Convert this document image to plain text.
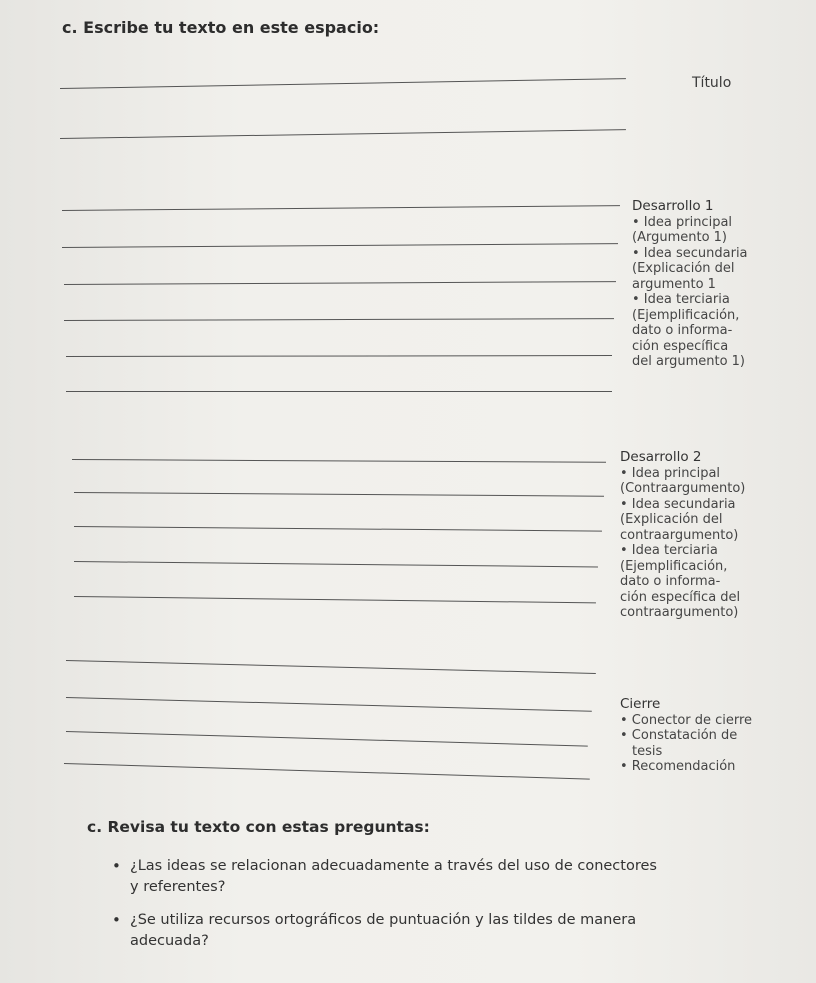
c. Escribe tu texto en este espacio:
Título
Desarrollo 1
• Idea principal
(Argumento 1)
• Idea secundaria
(Explicación del
argumento 1
• Idea terciaria
(Ejemplificación,
dato o informa-
ción específica
del argumento 1)
Desarrollo 2
• Idea principal
(Contraargumento)
• Idea secundaria
(Explicación del
contraargumento)
• Idea terciaria
(Ejemplificación,
dato o informa-
ción específica del
contraargumento)
Cierre
• Conector de cierre
• Constatación de
tesis
• Recomendación
c. Revisa tu texto con estas preguntas:
• ¿Las ideas se relacionan adecuadamente a través del uso de conectores y referentes?
• ¿Se utiliza recursos ortográficos de puntuación y las tildes de manera adecuada?
